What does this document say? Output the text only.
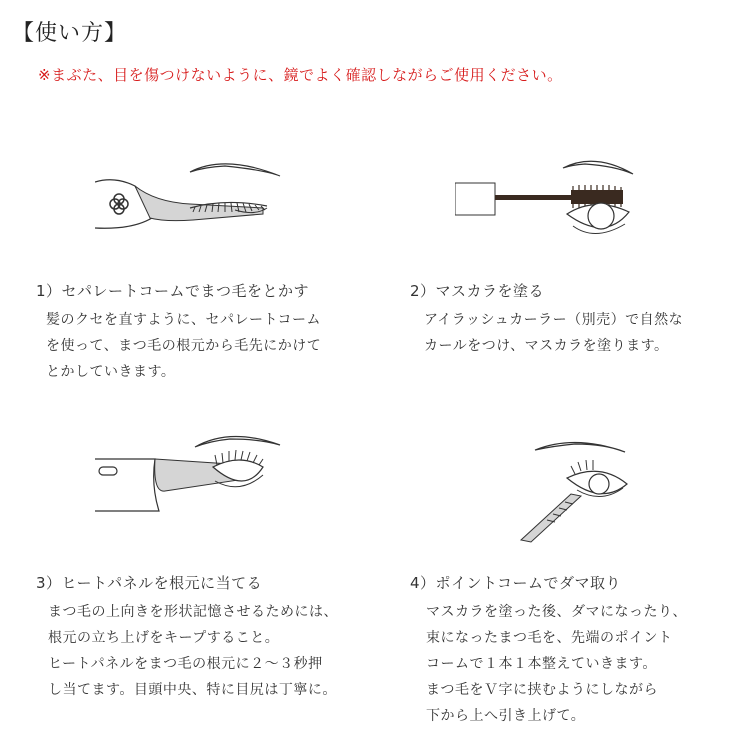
【使い方】
※まぶた、目を傷つけないように、鏡でよく確認しながらご使用ください。
1）セパレートコームでまつ毛をとかす
髪のクセを直すように、セパレートコーム
を使って、まつ毛の根元から毛先にかけて
とかしていきます。
2）マスカラを塗る
アイラッシュカーラー（別売）で自然な
カールをつけ、マスカラを塗ります。
3）ヒートパネルを根元に当てる
まつ毛の上向きを形状記憶させるためには、
根元の立ち上げをキープすること。
ヒートパネルをまつ毛の根元に２～３秒押
し当てます。目頭中央、特に目尻は丁寧に。
4）ポイントコームでダマ取り
マスカラを塗った後、ダマになったり、
束になったまつ毛を、先端のポイント
コームで１本１本整えていきます。
まつ毛をＶ字に挟むようにしながら
下から上へ引き上げて。
